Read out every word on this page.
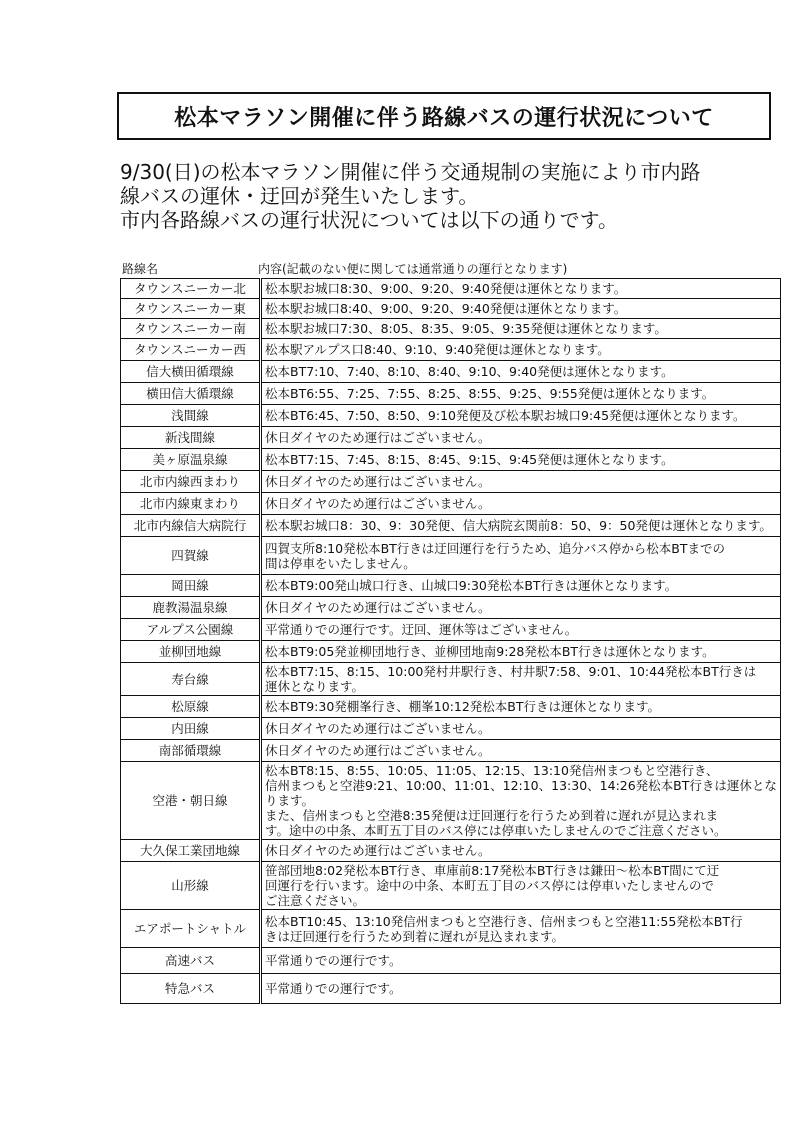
松本マラソン開催に伴う路線バスの運行状況について

9/30(日)の松本マラソン開催に伴う交通規制の実施により市内路

線バスの運休・迂回が発生いたします。

市内各路線バスの運行状況については以下の通りです。

路線名	内容(記載のない便に関しては通常通りの運行となります)
タウンスニーカー北	松本駅お城口8:30、9:00、9:20、9:40発便は運休となります。

タウンスニーカー東	松本駅お城口8:40、9:00、9:20、9:40発便は運休となります。

タウンスニーカー南	松本駅お城口7:30、8:05、8:35、9:05、9:35発便は運休となります。

タウンスニーカー西	松本駅アルプス口8:40、9:10、9:40発便は運休となります。

信大横田循環線	松本BT7:10、7:40、8:10、8:40、9:10、9:40発便は運休となります。

横田信大循環線	松本BT6:55、7:25、7:55、8:25、8:55、9:25、9:55発便は運休となります。

浅間線	松本BT6:45、7:50、8:50、9:10発便及び松本駅お城口9:45発便は運休となります。

新浅間線	休日ダイヤのため運行はございません。

美ヶ原温泉線	松本BT7:15、7:45、8:15、8:45、9:15、9:45発便は運休となります。

北市内線西まわり	休日ダイヤのため運行はございません。

北市内線東まわり	休日ダイヤのため運行はございません。

北市内線信大病院行	松本駅お城口8：30、9：30発便、信大病院玄関前8：50、9：50発便は運休となります。

四賀線	四賀支所8:10発松本BT行きは迂回運行を行うため、追分バス停から松本BTまでの
間は停車をいたしません。

岡田線	松本BT9:00発山城口行き、山城口9:30発松本BT行きは運休となります。

鹿教湯温泉線	休日ダイヤのため運行はございません。

アルプス公園線	平常通りでの運行です。迂回、運休等はございません。

並柳団地線	松本BT9:05発並柳団地行き、並柳団地南9:28発松本BT行きは運休となります。

寿台線	松本BT7:15、8:15、10:00発村井駅行き、村井駅7:58、9:01、10:44発松本BT行きは
運休となります。

松原線	松本BT9:30発棚峯行き、棚峯10:12発松本BT行きは運休となります。

内田線	休日ダイヤのため運行はございません。

南部循環線	休日ダイヤのため運行はございません。

空港・朝日線	松本BT8:15、8:55、10:05、11:05、12:15、13:10発信州まつもと空港行き、
信州まつもと空港9:21、10:00、11:01、12:10、13:30、14:26発松本BT行きは運休とな
ります。
また、信州まつもと空港8:35発便は迂回運行を行うため到着に遅れが見込まれま
す。途中の中条、本町五丁目のバス停には停車いたしませんのでご注意ください。

大久保工業団地線	休日ダイヤのため運行はございません。

山形線	笹部団地8:02発松本BT行き、車庫前8:17発松本BT行きは鎌田～松本BT間にて迂
回運行を行います。途中の中条、本町五丁目のバス停には停車いたしませんので
ご注意ください。

エアポートシャトル	松本BT10:45、13:10発信州まつもと空港行き、信州まつもと空港11:55発松本BT行
きは迂回運行を行うため到着に遅れが見込まれます。

高速バス	平常通りでの運行です。

特急バス	平常通りでの運行です。
